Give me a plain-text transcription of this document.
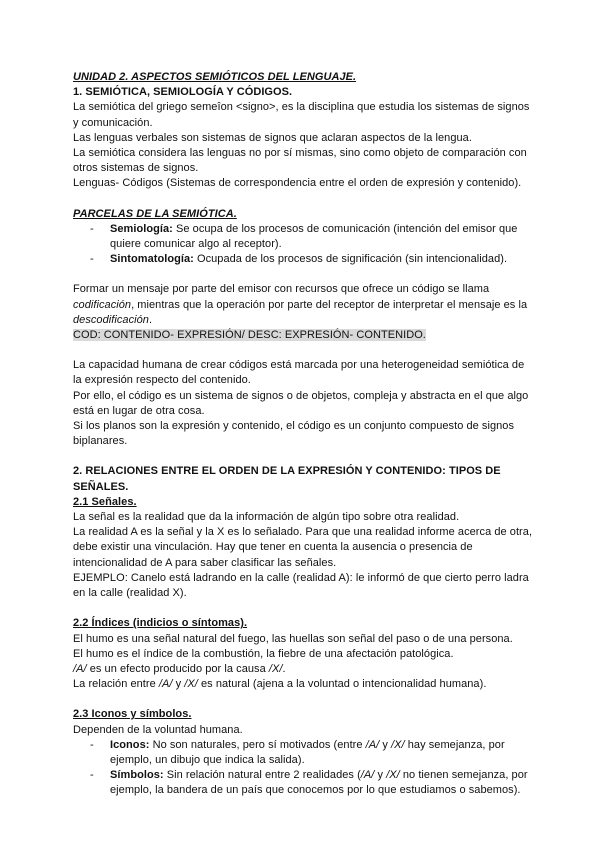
UNIDAD 2. ASPECTOS SEMIÓTICOS DEL LENGUAJE.

1. SEMIÓTICA, SEMIOLOGÍA Y CÓDIGOS.

La semiótica del griego semeîon <signo>, es la disciplina que estudia los sistemas de signos y comunicación.

Las lenguas verbales son sistemas de signos que aclaran aspectos de la lengua.

La semiótica considera las lenguas no por sí mismas, sino como objeto de comparación con otros sistemas de signos.

Lenguas- Códigos (Sistemas de correspondencia entre el orden de expresión y contenido).

PARCELAS DE LA SEMIÓTICA.

- Semiología: Se ocupa de los procesos de comunicación (intención del emisor que quiere comunicar algo al receptor).
- Sintomatología: Ocupada de los procesos de significación (sin intencionalidad).

Formar un mensaje por parte del emisor con recursos que ofrece un código se llama codificación, mientras que la operación por parte del receptor de interpretar el mensaje es la descodificación.

COD: CONTENIDO- EXPRESIÓN/ DESC: EXPRESIÓN- CONTENIDO.

La capacidad humana de crear códigos está marcada por una heterogeneidad semiótica de la expresión respecto del contenido.

Por ello, el código es un sistema de signos o de objetos, compleja y abstracta en el que algo está en lugar de otra cosa.

Si los planos son la expresión y contenido, el código es un conjunto compuesto de signos biplanares.

2. RELACIONES ENTRE EL ORDEN DE LA EXPRESIÓN Y CONTENIDO: TIPOS DE SEÑALES.

2.1 Señales.

La señal es la realidad que da la información de algún tipo sobre otra realidad.

La realidad A es la señal y la X es lo señalado. Para que una realidad informe acerca de otra, debe existir una vinculación. Hay que tener en cuenta la ausencia o presencia de intencionalidad de A para saber clasificar las señales.

EJEMPLO: Canelo está ladrando en la calle (realidad A): le informó de que cierto perro ladra en la calle (realidad X).

2.2 Índices (indicios o síntomas).

El humo es una señal natural del fuego, las huellas son señal del paso o de una persona.

El humo es el índice de la combustión, la fiebre de una afectación patológica.

/A/ es un efecto producido por la causa /X/.

La relación entre /A/ y /X/ es natural (ajena a la voluntad o intencionalidad humana).

2.3 Iconos y símbolos.

Dependen de la voluntad humana.

- Iconos: No son naturales, pero sí motivados (entre /A/ y /X/ hay semejanza, por ejemplo, un dibujo que indica la salida).
- Símbolos: Sin relación natural entre 2 realidades (/A/ y /X/ no tienen semejanza, por ejemplo, la bandera de un país que conocemos por lo que estudiamos o sabemos).
